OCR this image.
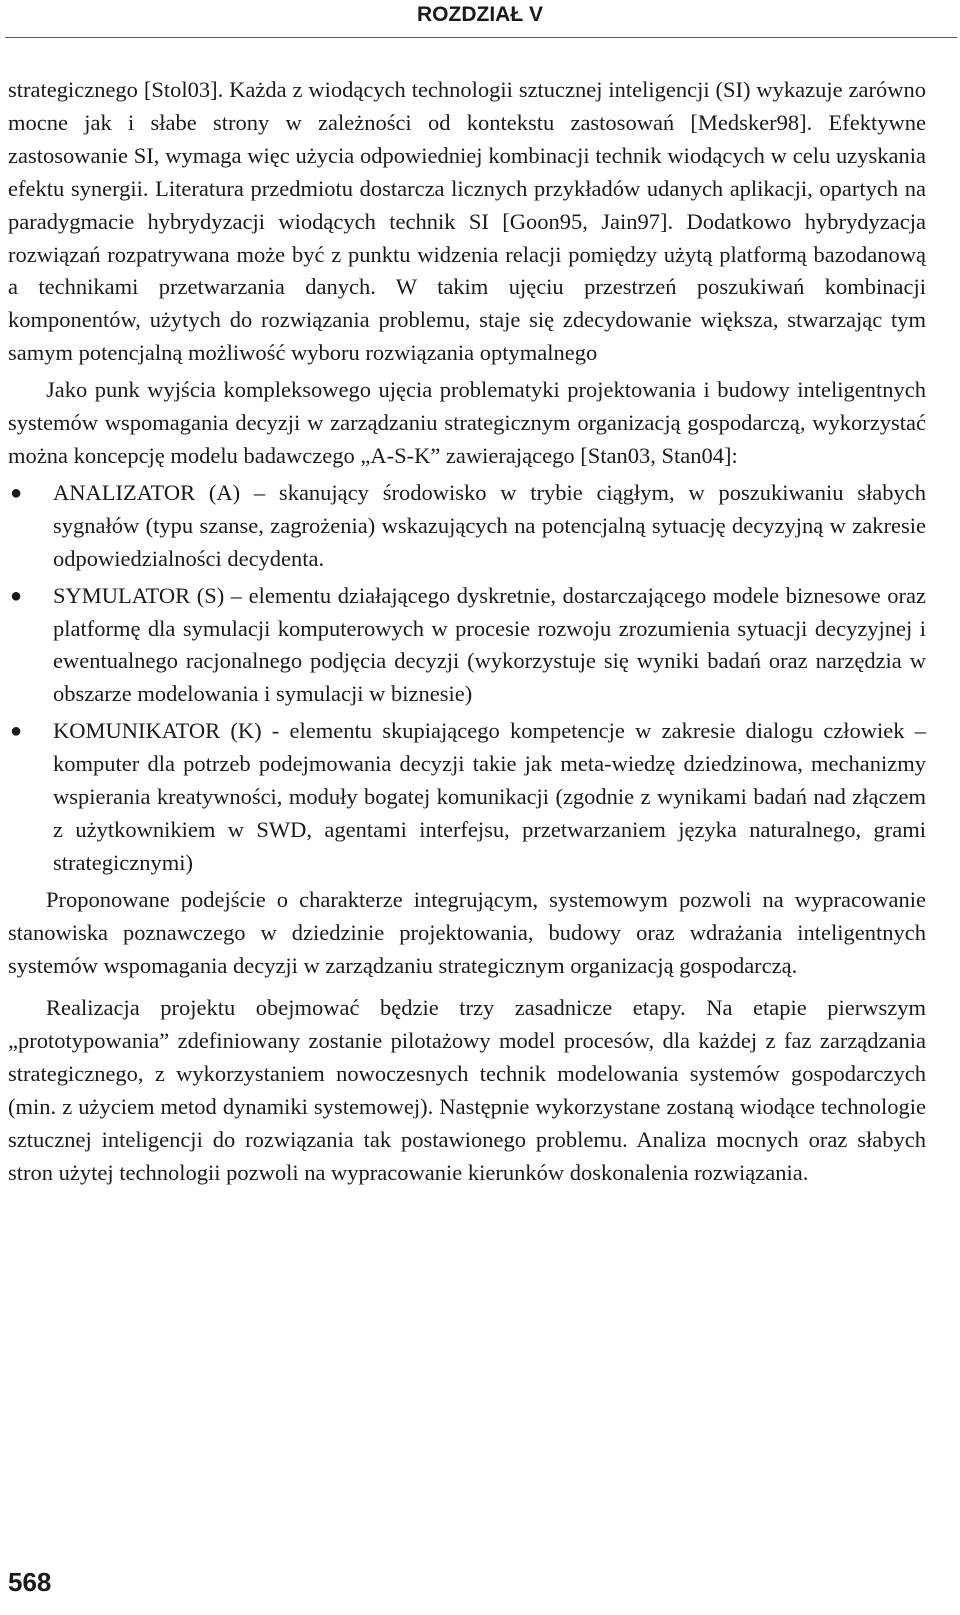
ROZDZIAŁ V

strategicznego [Stol03]. Każda z wiodących technologii sztucznej inteligencji (SI) wykazuje zarówno mocne jak i słabe strony w zależności od kontekstu zastosowań [Medsker98]. Efektywne zastosowanie SI, wymaga więc użycia odpowiedniej kombinacji technik wiodących w celu uzyskania efektu synergii. Literatura przedmiotu dostarcza licznych przykładów udanych aplikacji, opartych na paradygmacie hybrydyzacji wiodących technik SI [Goon95, Jain97]. Dodatkowo hybrydyzacja rozwiązań rozpatrywana może być z punktu widzenia relacji pomiędzy użytą platformą bazodanową a technikami przetwarzania danych. W takim ujęciu przestrzeń poszukiwań kombinacji komponentów, użytych do rozwiązania problemu, staje się zdecydowanie większa, stwarzając tym samym potencjalną możliwość wyboru rozwiązania optymalnego

Jako punk wyjścia kompleksowego ujęcia problematyki projektowania i budowy inteligentnych systemów wspomagania decyzji w zarządzaniu strategicznym organizacją gospodarczą, wykorzystać można koncepcję modelu badawczego „A-S-K” zawierającego [Stan03, Stan04]:

● ANALIZATOR (A) – skanujący środowisko w trybie ciągłym, w poszukiwaniu słabych sygnałów (typu szanse, zagrożenia) wskazujących na potencjalną sytuację decyzyjną w zakresie odpowiedzialności decydenta.
● SYMULATOR (S) – elementu działającego dyskretnie, dostarczającego modele biznesowe oraz platformę dla symulacji komputerowych w procesie rozwoju zrozumienia sytuacji decyzyjnej i ewentualnego racjonalnego podjęcia decyzji (wykorzystuje się wyniki badań oraz narzędzia w obszarze modelowania i symulacji w biznesie)
● KOMUNIKATOR (K) - elementu skupiającego kompetencje w zakresie dialogu człowiek – komputer dla potrzeb podejmowania decyzji takie jak meta-wiedzę dziedzinowa, mechanizmy wspierania kreatywności, moduły bogatej komunikacji (zgodnie z wynikami badań nad złączem z użytkownikiem w SWD, agentami interfejsu, przetwarzaniem języka naturalnego, grami strategicznymi)

Proponowane podejście o charakterze integrującym, systemowym pozwoli na wypracowanie stanowiska poznawczego w dziedzinie projektowania, budowy oraz wdrażania inteligentnych systemów wspomagania decyzji w zarządzaniu strategicznym organizacją gospodarczą.

Realizacja projektu obejmować będzie trzy zasadnicze etapy. Na etapie pierwszym „prototypowania” zdefiniowany zostanie pilotażowy model procesów, dla każdej z faz zarządzania strategicznego, z wykorzystaniem nowoczesnych technik modelowania systemów gospodarczych (min. z użyciem metod dynamiki systemowej). Następnie wykorzystane zostaną wiodące technologie sztucznej inteligencji do rozwiązania tak postawionego problemu. Analiza mocnych oraz słabych stron użytej technologii pozwoli na wypracowanie kierunków doskonalenia rozwiązania.

568
